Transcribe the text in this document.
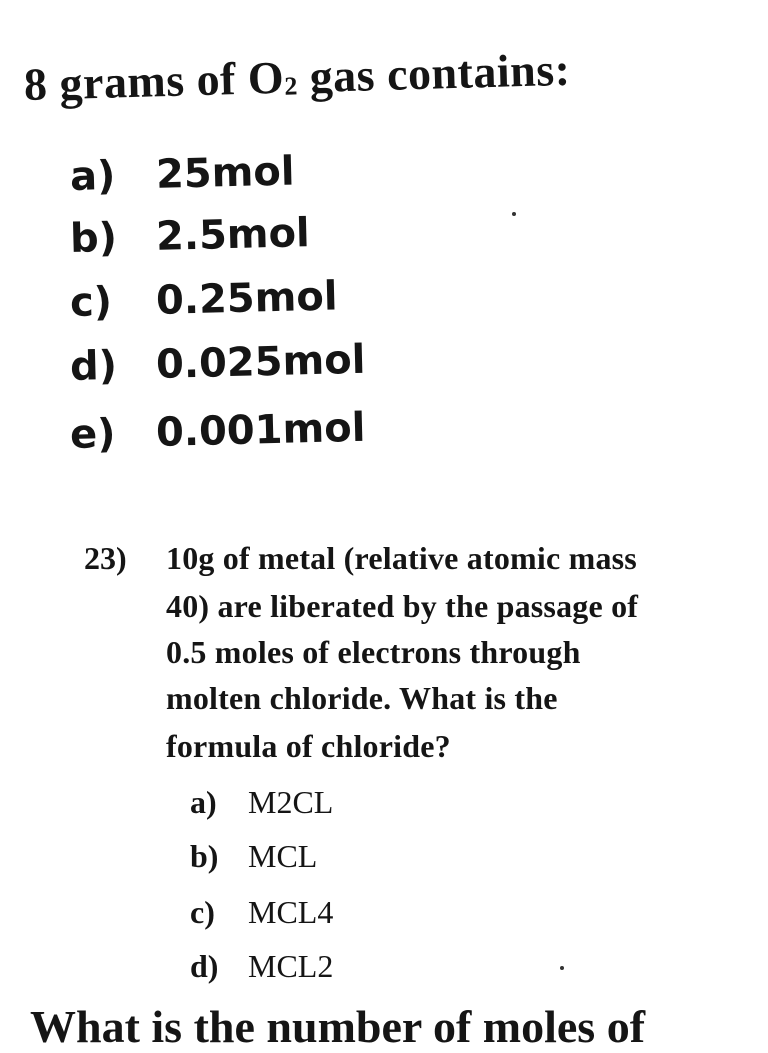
8 grams of $O_2$ gas contains:
a) 25mol
b) 2.5mol
c) 0.25mol
d) 0.025mol
e) 0.001mol
23) 10g of metal (relative atomic mass
40) are liberated by the passage of
0.5 moles of electrons through
molten chloride. What is the
formula of chloride?
a) M2CL
b) MCL
c) MCL4
d) MCL2
What is the number of moles of
